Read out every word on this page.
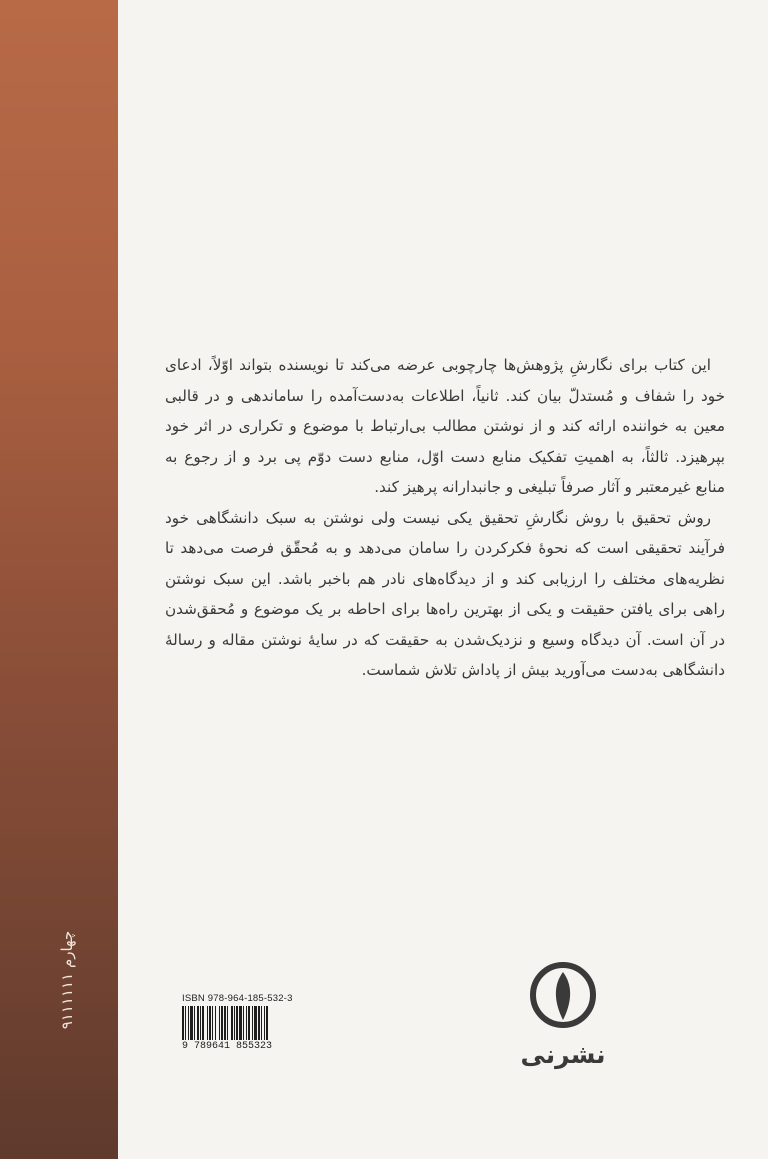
چهارم ۹۱۱۱۱۱۱

این کتاب برای نگارشِ پژوهش‌ها چارچوبی عرضه می‌کند تا نویسنده بتواند اوّلاً، ادعای خود را شفاف و مُستدلّ بیان کند. ثانیاً، اطلاعات به‌دست‌آمده را ساماندهی و در قالبی معین به خواننده ارائه کند و از نوشتن مطالب بی‌ارتباط با موضوع و تکراری در اثر خود بپرهیزد. ثالثاً، به اهمیتِ تفکیک منابع دست اوّل، منابع دست دوّم پی برد و از رجوع به منابع غیرمعتبر و آثار صرفاً تبلیغی و جانبدارانه پرهیز کند.

روش تحقیق با روش نگارشِ تحقیق یکی نیست ولی نوشتن به سبک دانشگاهی خود فرآیند تحقیقی است که نحوهٔ فکرکردن را سامان می‌دهد و به مُحقّق فرصت می‌دهد تا نظریه‌های مختلف را ارزیابی کند و از دیدگاه‌های نادر هم باخبر باشد. این سبک نوشتن راهی برای یافتن حقیقت و یکی از بهترین راه‌ها برای احاطه بر یک موضوع و مُحقق‌شدن در آن است. آن دیدگاه وسیع و نزدیک‌شدن به حقیقت که در سایهٔ نوشتن مقاله و رسالهٔ دانشگاهی به‌دست می‌آورید بیش از پاداش تلاش شماست.

ISBN 978-964-185-532-3
9 789641 855323	نشرنی
